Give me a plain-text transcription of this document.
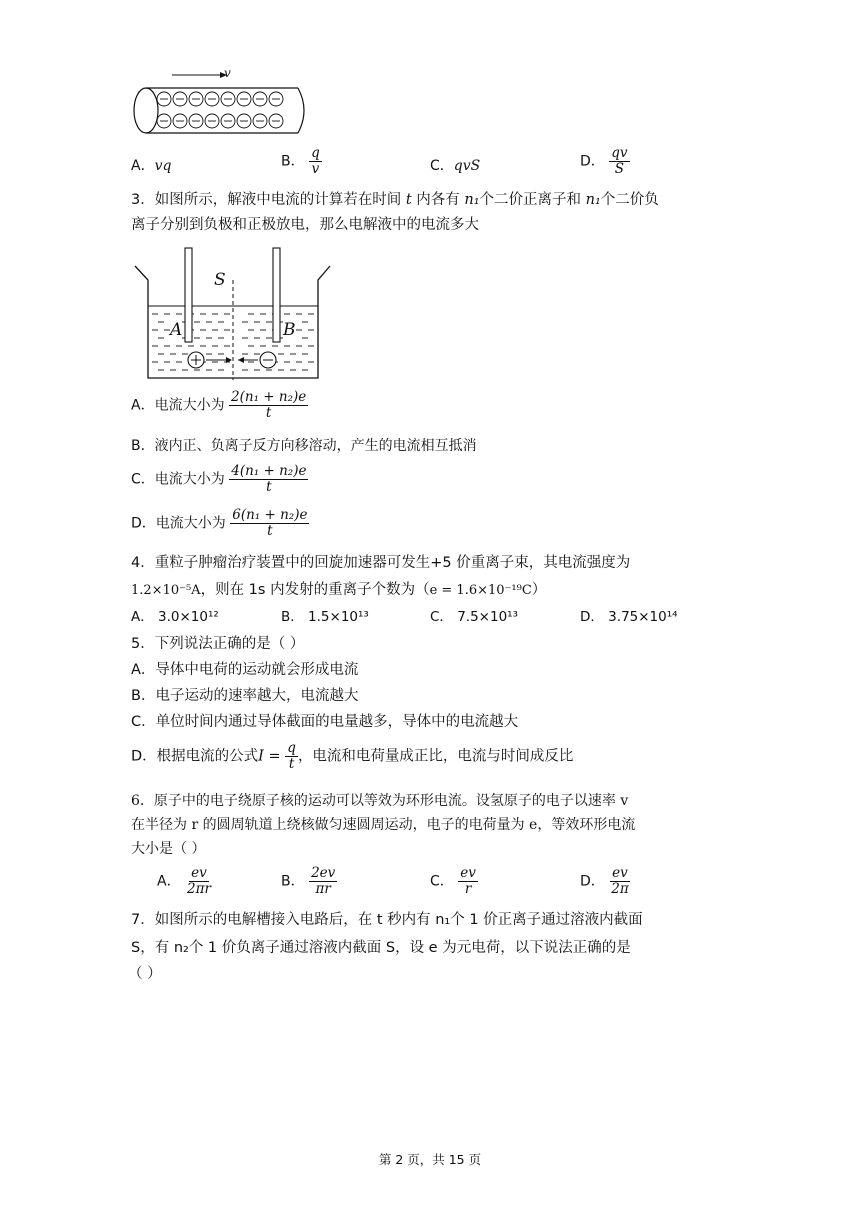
v
A．vq	B． $\frac{q}{v}$	C．qvS	D． $\frac{qv}{S}$
3．如图所示，解液中电流的计算若在时间 t 内各有 n₁个二价正离子和 n₁个二价负
离子分别到负极和正极放电，那么电解液中的电流多大
S
A	B
A．电流大小为 $\frac{\text{2(n₁ + n₂)e}}{t}$
B．液内正、负离子反方向移溶动，产生的电流相互抵消
C．电流大小为 $\frac{\text{4(n₁ + n₂)e}}{t}$
D．电流大小为 $\frac{\text{6(n₁ + n₂)e}}{t}$
4．重粒子肿瘤治疗装置中的回旋加速器可发生+5 价重离子束，其电流强度为
1.2×10⁻⁵A，则在 1s 内发射的重离子个数为（e = 1.6×10⁻¹⁹C）
A． 3.0×10¹²	B． 1.5×10¹³	C． 7.5×10¹³	D． 3.75×10¹⁴
5．下列说法正确的是（ ）
A．导体中电荷的运动就会形成电流
B．电子运动的速率越大，电流越大
C．单位时间内通过导体截面的电量越多，导体中的电流越大
D．根据电流的公式$I = \frac{q}{t}$ ，电流和电荷量成正比，电流与时间成反比
6．原子中的电子绕原子核的运动可以等效为环形电流。设氢原子的电子以速率 v
在半径为 r 的圆周轨道上绕核做匀速圆周运动，电子的电荷量为 e，等效环形电流
大小是（ ）
A． $\frac{ev}{2\pi r}$	B． $\frac{2ev}{\pi r}$	C． $\frac{ev}{r}$	D． $\frac{ev}{2\pi}$
7．如图所示的电解槽接入电路后，在 t 秒内有 n₁个 1 价正离子通过溶液内截面
S，有 n₂个 1 价负离子通过溶液内截面 S，设 e 为元电荷，以下说法正确的是
（ ）
第 2 页，共 15 页
